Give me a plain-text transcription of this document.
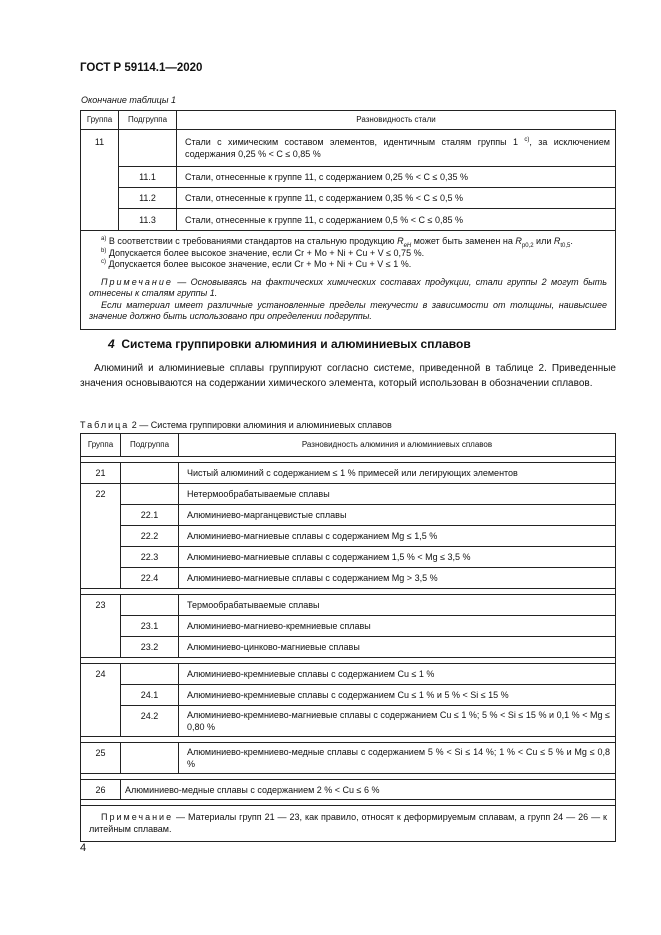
ГОСТ Р 59114.1—2020
Окончание таблицы 1
Группа	Подгруппа	Разновидность стали
11		Стали с химическим составом элементов, идентичным сталям группы 1 $^{c)}$, за исключением содержания 0,25 % < C ≤ 0,85 %
	11.1	Стали, отнесенные к группе 11, с содержанием 0,25 % < C ≤ 0,35 %
	11.2	Стали, отнесенные к группе 11, с содержанием 0,35 % < C ≤ 0,5 %
	11.3	Стали, отнесенные к группе 11, с содержанием 0,5 % < C ≤ 0,85 %

$^{a)}$ В соответствии с требованиями стандартов на стальную продукцию $R_{eH}$ может быть заменен на $R_{p0,2}$ или $R_{t0,5}$.

$^{b)}$ Допускается более высокое значение, если Cr + Mo + Ni + Cu + V ≤ 0,75 %.

$^{c)}$ Допускается более высокое значение, если Cr + Mo + Ni + Cu + V ≤ 1 %.

Примечание — Основываясь на фактических химических составах продукции, стали группы 2 могут быть отнесены к сталям группы 1.

Если материал имеет различные установленные пределы текучести в зависимости от толщины, наивысшее значение должно быть использовано при определении подгруппы.		

4 Система группировки алюминия и алюминиевых сплавов
Алюминий и алюминиевые сплавы группируют согласно системе, приведенной в таблице 2. Приведенные значения основываются на содержании химического элемента, который использован в обозначении сплавов.
Таблица 2 — Система группировки алюминия и алюминиевых сплавов
Группа	Подгруппа	Разновидность алюминия и алюминиевых сплавов

21		Чистый алюминий с содержанием ≤ 1 % примесей или легирующих элементов
22		Нетермообрабатываемые сплавы
	22.1	Алюминиево-марганцевистые сплавы
	22.2	Алюминиево-магниевые сплавы с содержанием Mg ≤ 1,5 %
	22.3	Алюминиево-магниевые сплавы с содержанием 1,5 % < Mg ≤ 3,5 %
	22.4	Алюминиево-магниевые сплавы с содержанием Mg > 3,5 %

23		Термообрабатываемые сплавы
	23.1	Алюминиево-магниево-кремниевые сплавы
	23.2	Алюминиево-цинково-магниевые сплавы

24		Алюминиево-кремниевые сплавы с содержанием Cu ≤ 1 %
	24.1	Алюминиево-кремниевые сплавы с содержанием Cu ≤ 1 % и 5 % < Si ≤ 15 %
	24.2	Алюминиево-кремниево-магниевые сплавы с содержанием Cu ≤ 1 %; 5 % < Si ≤ 15 % и 0,1 % < Mg ≤ 0,80 %

25		Алюминиево-кремниево-медные сплавы с содержанием 5 % < Si ≤ 14 %; 1 % < Cu ≤ 5 % и Mg ≤ 0,8 %

26	Алюминиево-медные сплавы с содержанием 2 % < Cu ≤ 6 %	

Примечание — Материалы групп 21 — 23, как правило, относят к деформируемым сплавам, а групп 24 — 26 — к литейным сплавам.		
4
